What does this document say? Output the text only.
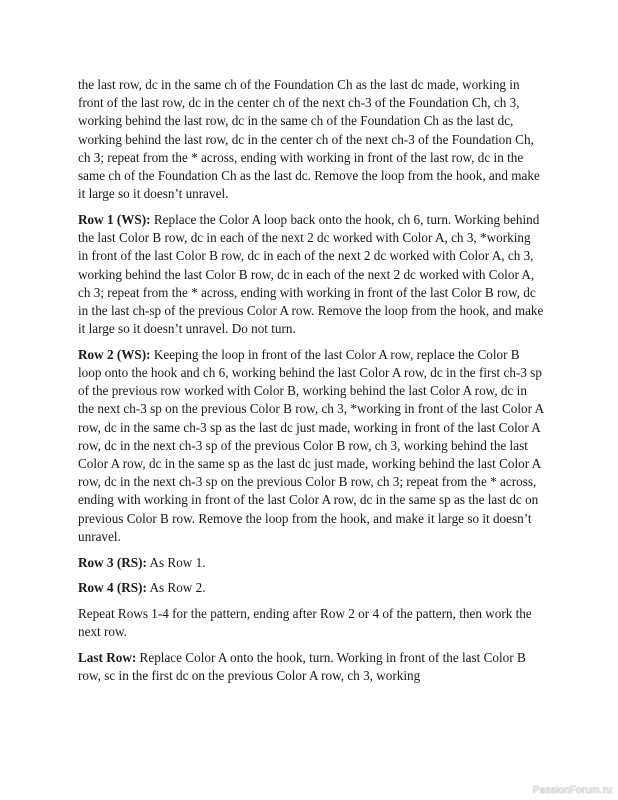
the last row, dc in the same ch of the Foundation Ch as the last dc made, working in front of the last row, dc in the center ch of the next ch-3 of the Foundation Ch, ch 3, working behind the last row, dc in the same ch of the Foundation Ch as the last dc, working behind the last row, dc in the center ch of the next ch-3 of the Foundation Ch, ch 3; repeat from the * across, ending with working in front of the last row, dc in the same ch of the Foundation Ch as the last dc. Remove the loop from the hook, and make it large so it doesn’t unravel.

Row 1 (WS): Replace the Color A loop back onto the hook, ch 6, turn. Working behind the last Color B row, dc in each of the next 2 dc worked with Color A, ch 3, *working in front of the last Color B row, dc in each of the next 2 dc worked with Color A, ch 3, working behind the last Color B row, dc in each of the next 2 dc worked with Color A, ch 3; repeat from the * across, ending with working in front of the last Color B row, dc in the last ch-sp of the previous Color A row. Remove the loop from the hook, and make it large so it doesn’t unravel. Do not turn.

Row 2 (WS): Keeping the loop in front of the last Color A row, replace the Color B loop onto the hook and ch 6, working behind the last Color A row, dc in the first ch-3 sp of the previous row worked with Color B, working behind the last Color A row, dc in the next ch-3 sp on the previous Color B row, ch 3, *working in front of the last Color A row, dc in the same ch-3 sp as the last dc just made, working in front of the last Color A row, dc in the next ch-3 sp of the previous Color B row, ch 3, working behind the last Color A row, dc in the same sp as the last dc just made, working behind the last Color A row, dc in the next ch-3 sp on the previous Color B row, ch 3; repeat from the * across, ending with working in front of the last Color A row, dc in the same sp as the last dc on previous Color B row. Remove the loop from the hook, and make it large so it doesn’t unravel.

Row 3 (RS): As Row 1.

Row 4 (RS): As Row 2.

Repeat Rows 1-4 for the pattern, ending after Row 2 or 4 of the pattern, then work the next row.

Last Row: Replace Color A onto the hook, turn. Working in front of the last Color B row, sc in the first dc on the previous Color A row, ch 3, working

PassionForum.ru
